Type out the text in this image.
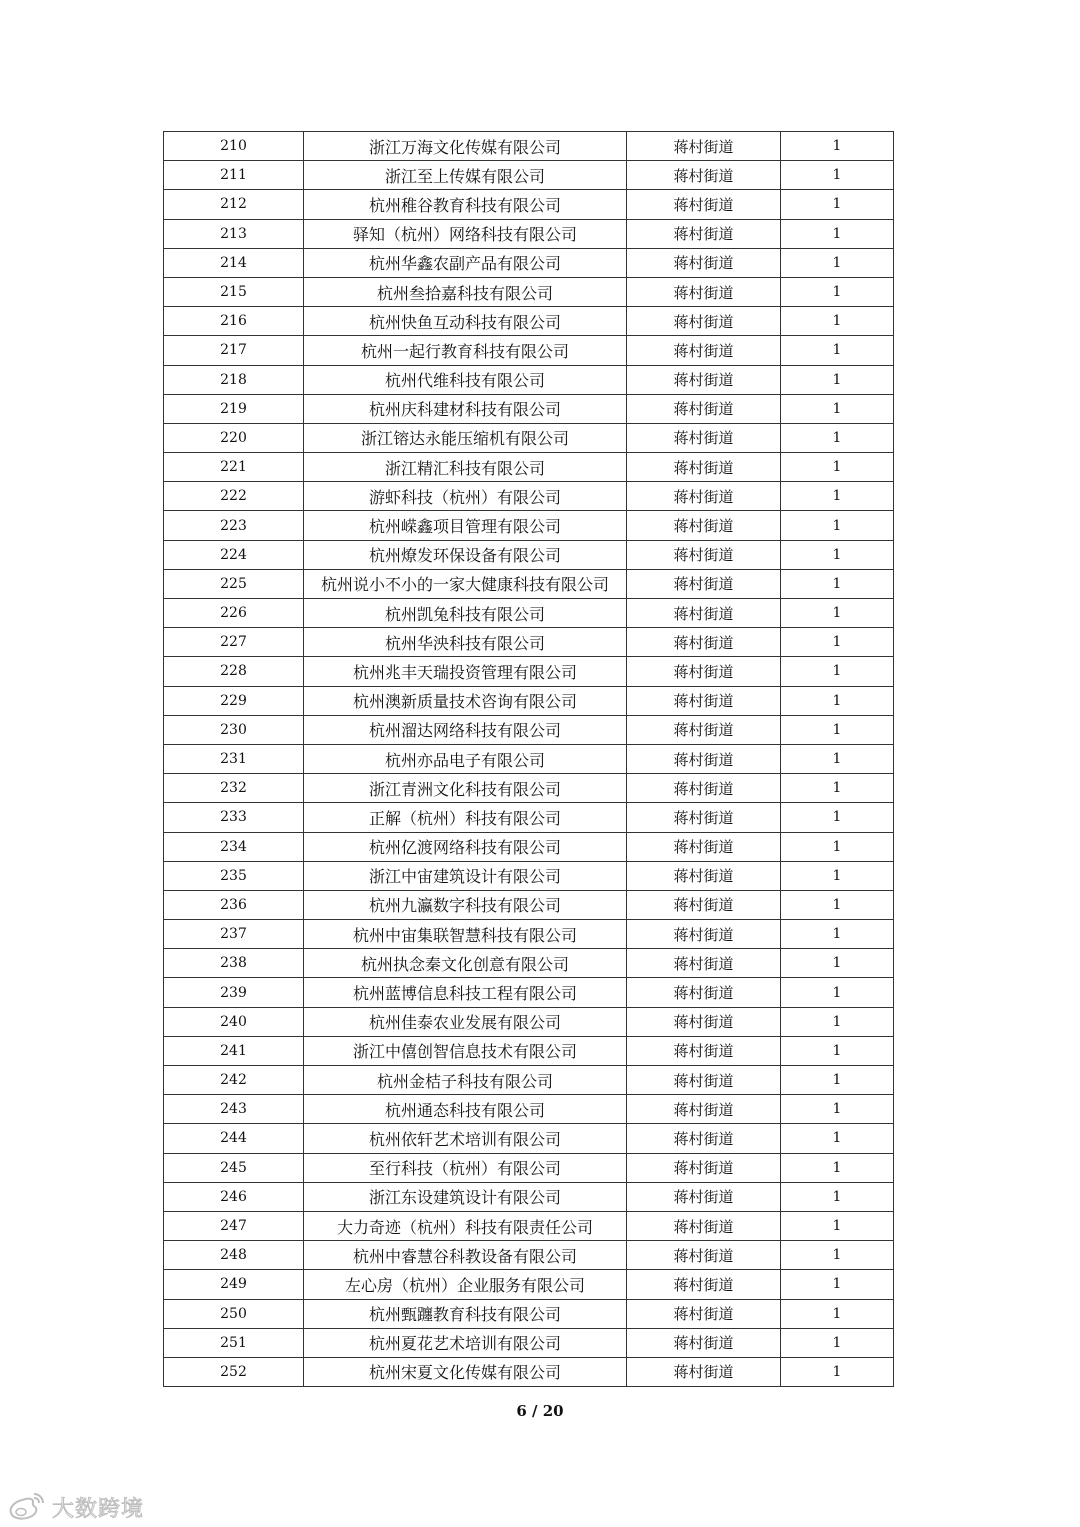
210	浙江万海文化传媒有限公司	蒋村街道	1
211	浙江至上传媒有限公司	蒋村街道	1
212	杭州稚谷教育科技有限公司	蒋村街道	1
213	驿知（杭州）网络科技有限公司	蒋村街道	1
214	杭州华鑫农副产品有限公司	蒋村街道	1
215	杭州叁拾嘉科技有限公司	蒋村街道	1
216	杭州快鱼互动科技有限公司	蒋村街道	1
217	杭州一起行教育科技有限公司	蒋村街道	1
218	杭州代维科技有限公司	蒋村街道	1
219	杭州庆科建材科技有限公司	蒋村街道	1
220	浙江镕达永能压缩机有限公司	蒋村街道	1
221	浙江精汇科技有限公司	蒋村街道	1
222	游虾科技（杭州）有限公司	蒋村街道	1
223	杭州嵘鑫项目管理有限公司	蒋村街道	1
224	杭州燎发环保设备有限公司	蒋村街道	1
225	杭州说小不小的一家大健康科技有限公司	蒋村街道	1
226	杭州凯兔科技有限公司	蒋村街道	1
227	杭州华泱科技有限公司	蒋村街道	1
228	杭州兆丰天瑞投资管理有限公司	蒋村街道	1
229	杭州澳新质量技术咨询有限公司	蒋村街道	1
230	杭州溜达网络科技有限公司	蒋村街道	1
231	杭州亦品电子有限公司	蒋村街道	1
232	浙江青洲文化科技有限公司	蒋村街道	1
233	正解（杭州）科技有限公司	蒋村街道	1
234	杭州亿渡网络科技有限公司	蒋村街道	1
235	浙江中宙建筑设计有限公司	蒋村街道	1
236	杭州九瀛数字科技有限公司	蒋村街道	1
237	杭州中宙集联智慧科技有限公司	蒋村街道	1
238	杭州执念秦文化创意有限公司	蒋村街道	1
239	杭州蓝博信息科技工程有限公司	蒋村街道	1
240	杭州佳泰农业发展有限公司	蒋村街道	1
241	浙江中僖创智信息技术有限公司	蒋村街道	1
242	杭州金桔子科技有限公司	蒋村街道	1
243	杭州通态科技有限公司	蒋村街道	1
244	杭州依轩艺术培训有限公司	蒋村街道	1
245	至行科技（杭州）有限公司	蒋村街道	1
246	浙江东设建筑设计有限公司	蒋村街道	1
247	大力奇迹（杭州）科技有限责任公司	蒋村街道	1
248	杭州中睿慧谷科教设备有限公司	蒋村街道	1
249	左心房（杭州）企业服务有限公司	蒋村街道	1
250	杭州甄躔教育科技有限公司	蒋村街道	1
251	杭州夏花艺术培训有限公司	蒋村街道	1
252	杭州宋夏文化传媒有限公司	蒋村街道	1
6 / 20
大数跨境
